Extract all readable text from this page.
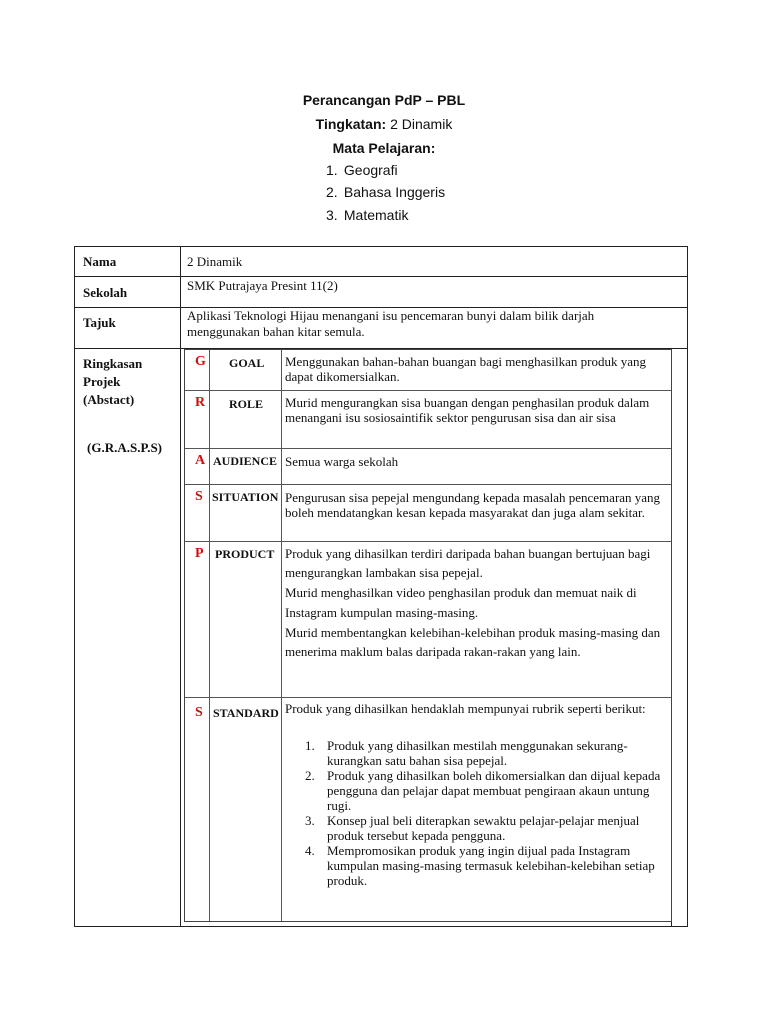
Perancangan PdP – PBL
Tingkatan: 2 Dinamik
Mata Pelajaran:
1. Geografi
2. Bahasa Inggeris
3. Matematik
Nama	2 Dinamik
Sekolah	SMK Putrajaya Presint 11(2)
Tajuk	Aplikasi Teknologi Hijau menangani isu pencemaran bunyi dalam bilik darjah menggunakan bahan kitar semula.
Ringkasan Projek (Abstact)
(G.R.A.S.P.S)
G GOAL Menggunakan bahan-bahan buangan bagi menghasilkan produk yang dapat dikomersialkan.

R ROLE Murid mengurangkan sisa buangan dengan penghasilan produk dalam menangani isu sosiosaintifik sektor pengurusan sisa dan air sisa

A AUDIENCE Semua warga sekolah

S SITUATION Pengurusan sisa pepejal mengundang kepada masalah pencemaran yang boleh mendatangkan kesan kepada masyarakat dan juga alam sekitar.

P PRODUCT Produk yang dihasilkan terdiri daripada bahan buangan bertujuan bagi

mengurangkan lambakan sisa pepejal.

Murid menghasilkan video penghasilan produk dan memuat naik di

Instagram kumpulan masing-masing.

Murid membentangkan kelebihan-kelebihan produk masing-masing dan

menerima maklum balas daripada rakan-rakan yang lain.

S STANDARD Produk yang dihasilkan hendaklah mempunyai rubrik seperti berikut:

1. Produk yang dihasilkan mestilah menggunakan sekurang-kurangkan satu bahan sisa pepejal.
2. Produk yang dihasilkan boleh dikomersialkan dan dijual kepada pengguna dan pelajar dapat membuat pengiraan akaun untung rugi.
3. Konsep jual beli diterapkan sewaktu pelajar-pelajar menjual produk tersebut kepada pengguna.
4. Mempromosikan produk yang ingin dijual pada Instagram kumpulan masing-masing termasuk kelebihan-kelebihan setiap produk.
